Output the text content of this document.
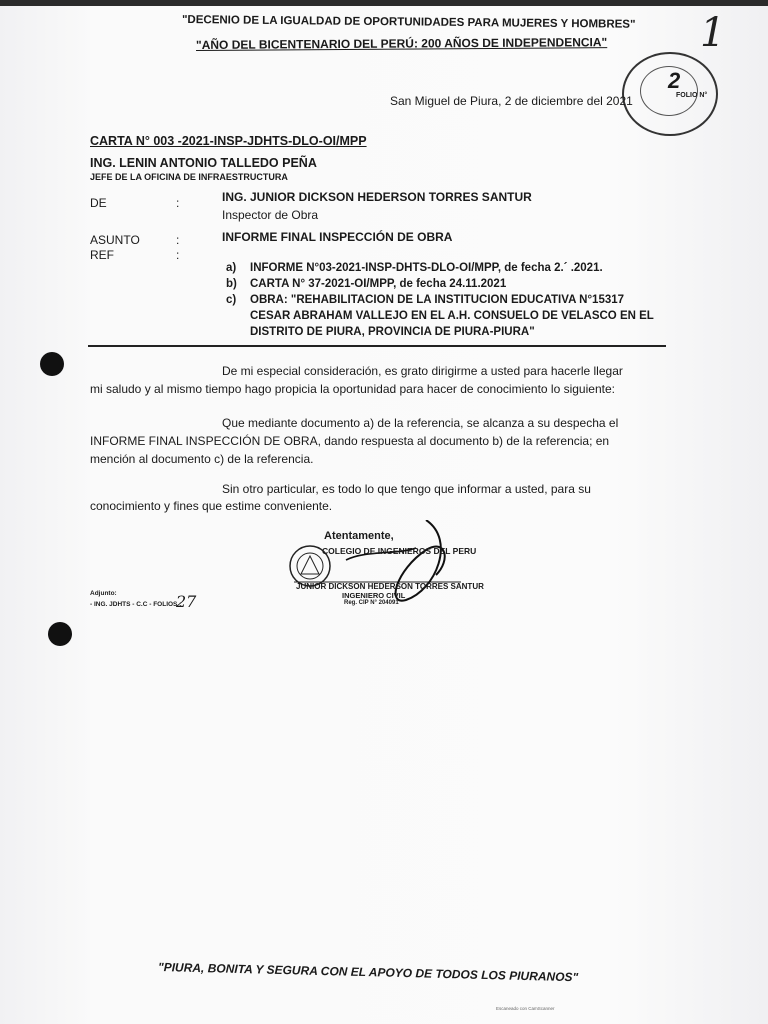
"DECENIO DE LA IGUALDAD DE OPORTUNIDADES PARA MUJERES Y HOMBRES"
"AÑO DEL BICENTENARIO DEL PERÚ: 200 AÑOS DE INDEPENDENCIA" 1
2
FOLIO N°
San Miguel de Piura, 2 de diciembre del 2021
CARTA N° 003 -2021-INSP-JDHTS-DLO-OI/MPP
ING. LENIN ANTONIO TALLEDO PEÑA
JEFE DE LA OFICINA DE INFRAESTRUCTURA
DE	:	ING. JUNIOR DICKSON HEDERSON TORRES SANTUR
Inspector de Obra
ASUNTO	:	INFORME FINAL INSPECCIÓN DE OBRA
REF	:
a) INFORME N°03-2021-INSP-DHTS-DLO-OI/MPP, de fecha 2.´ .2021.
b) CARTA N° 37-2021-OI/MPP, de fecha 24.11.2021
c) OBRA: "REHABILITACION DE LA INSTITUCION EDUCATIVA N°15317
CESAR ABRAHAM VALLEJO EN EL A.H. CONSUELO DE VELASCO EN EL
DISTRITO DE PIURA, PROVINCIA DE PIURA-PIURA"
De mi especial consideración, es grato dirigirme a usted para hacerle llegar
mi saludo y al mismo tiempo hago propicia la oportunidad para hacer de conocimiento lo siguiente:
Que mediante documento a) de la referencia, se alcanza a su despecha el
INFORME FINAL INSPECCIÓN DE OBRA, dando respuesta al documento b) de la referencia; en
mención al documento c) de la referencia.
Sin otro particular, es todo lo que tengo que informar a usted, para su
conocimiento y fines que estime conveniente.
Atentamente,
COLEGIO DE INGENIEROS DEL PERU
JUNIOR DICKSON HEDERSON TORRES SANTUR
INGENIERO CIVIL
Reg. CIP N° 204091
Adjunto:
- ING. JDHTS - C.C - FOLIOS :
27
"PIURA, BONITA Y SEGURA CON EL APOYO DE TODOS LOS PIURANOS"
Escaneado con CamScanner
